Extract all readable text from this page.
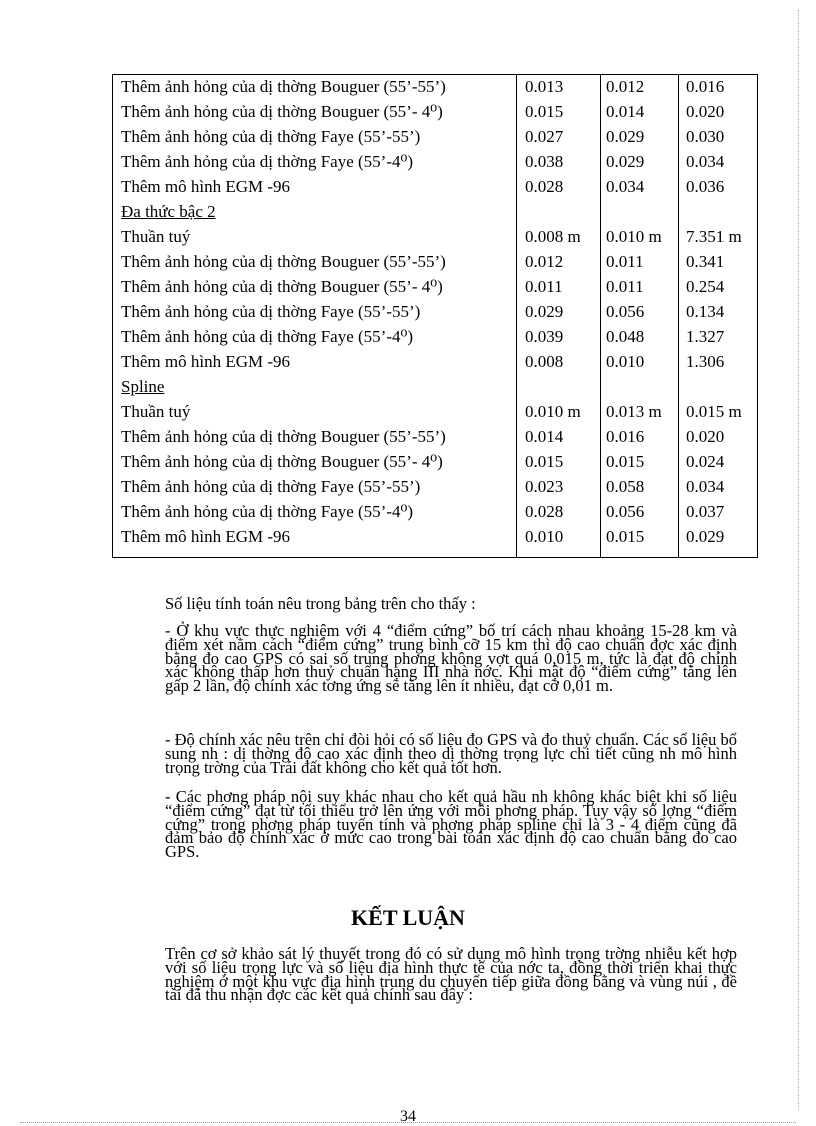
Thêm ảnh hỏng của dị thờng Bouguer (55’-55’)	0.013	0.012 0.016
Thêm ảnh hỏng của dị thờng Bouguer (55’- 4⁰)	0.015	0.014 0.020
Thêm ảnh hỏng của dị thờng Faye (55’-55’)	0.027	0.029 0.030
Thêm ảnh hỏng của dị thờng Faye (55’-4⁰)	0.038	0.029 0.034
Thêm mô hình EGM -96	0.028	0.034 0.036
Đa thức bậc 2
Thuần tuý	0.008 m 0.010 m 7.351 m
Thêm ảnh hỏng của dị thờng Bouguer (55’-55’)	0.012	0.011 0.341
Thêm ảnh hỏng của dị thờng Bouguer (55’- 4⁰)	0.011	0.011 0.254
Thêm ảnh hỏng của dị thờng Faye (55’-55’)	0.029	0.056 0.134
Thêm ảnh hỏng của dị thờng Faye (55’-4⁰)	0.039	0.048 1.327
Thêm mô hình EGM -96	0.008	0.010 1.306
Spline
Thuần tuý	0.010 m 0.013 m 0.015 m
Thêm ảnh hỏng của dị thờng Bouguer (55’-55’)	0.014	0.016 0.020
Thêm ảnh hỏng của dị thờng Bouguer (55’- 4⁰)	0.015	0.015 0.024
Thêm ảnh hỏng của dị thờng Faye (55’-55’)	0.023	0.058 0.034
Thêm ảnh hỏng của dị thờng Faye (55’-4⁰)	0.028	0.056 0.037
Thêm mô hình EGM -96	0.010	0.015 0.029
Số liệu tính toán nêu trong bảng trên cho thấy :
- Ở khu vực thực nghiệm với 4 “điểm cứng” bố trí cách nhau khoảng 15-28 km và điểm xét nằm cách “điểm cứng” trung bình cỡ 15 km thì độ cao chuẩn đợc xác định bằng đo cao GPS có sai số trung phơng không vợt quá 0,015 m, tức là đạt độ chính xác không thấp hơn thuỷ chuẩn hạng III nhà nớc. Khi mật độ “điểm cứng” tăng lên gấp 2 lần, độ chính xác tơng ứng sẽ tăng lên ít nhiều, đạt cỡ 0,01 m.
- Độ chính xác nêu trên chỉ đòi hỏi có số liệu đo GPS và đo thuỷ chuẩn. Các số liệu bổ sung nh : dị thờng độ cao xác định theo dị thờng trọng lực chi tiết cũng nh mô hình trọng trờng của Trái đất không cho kết quả tốt hơn.
- Các phơng pháp nội suy khác nhau cho kết quả hầu nh không khác biệt khi số liệu “điểm cứng” đạt từ tối thiểu trở lên ứng với mỗi phơng pháp. Tuy vậy số lợng “điểm cứng” trong phơng pháp tuyến tính và phơng pháp spline chỉ là 3 - 4 điểm cũng đã đảm bảo độ chính xác ở mức cao trong bài toán xác định độ cao chuẩn bằng đo cao GPS.
KẾT LUẬN
Trên cơ sở khảo sát lý thuyết trong đó có sử dụng mô hình trọng trờng nhiễu kết hợp với số liệu trọng lực và số liệu địa hình thực tế của nớc ta, đồng thời triển khai thực nghiệm ở một khu vực địa hình trung du chuyển tiếp giữa đồng bằng và vùng núi , đề tài đã thu nhận đợc các kết quả chính sau đây :
34
